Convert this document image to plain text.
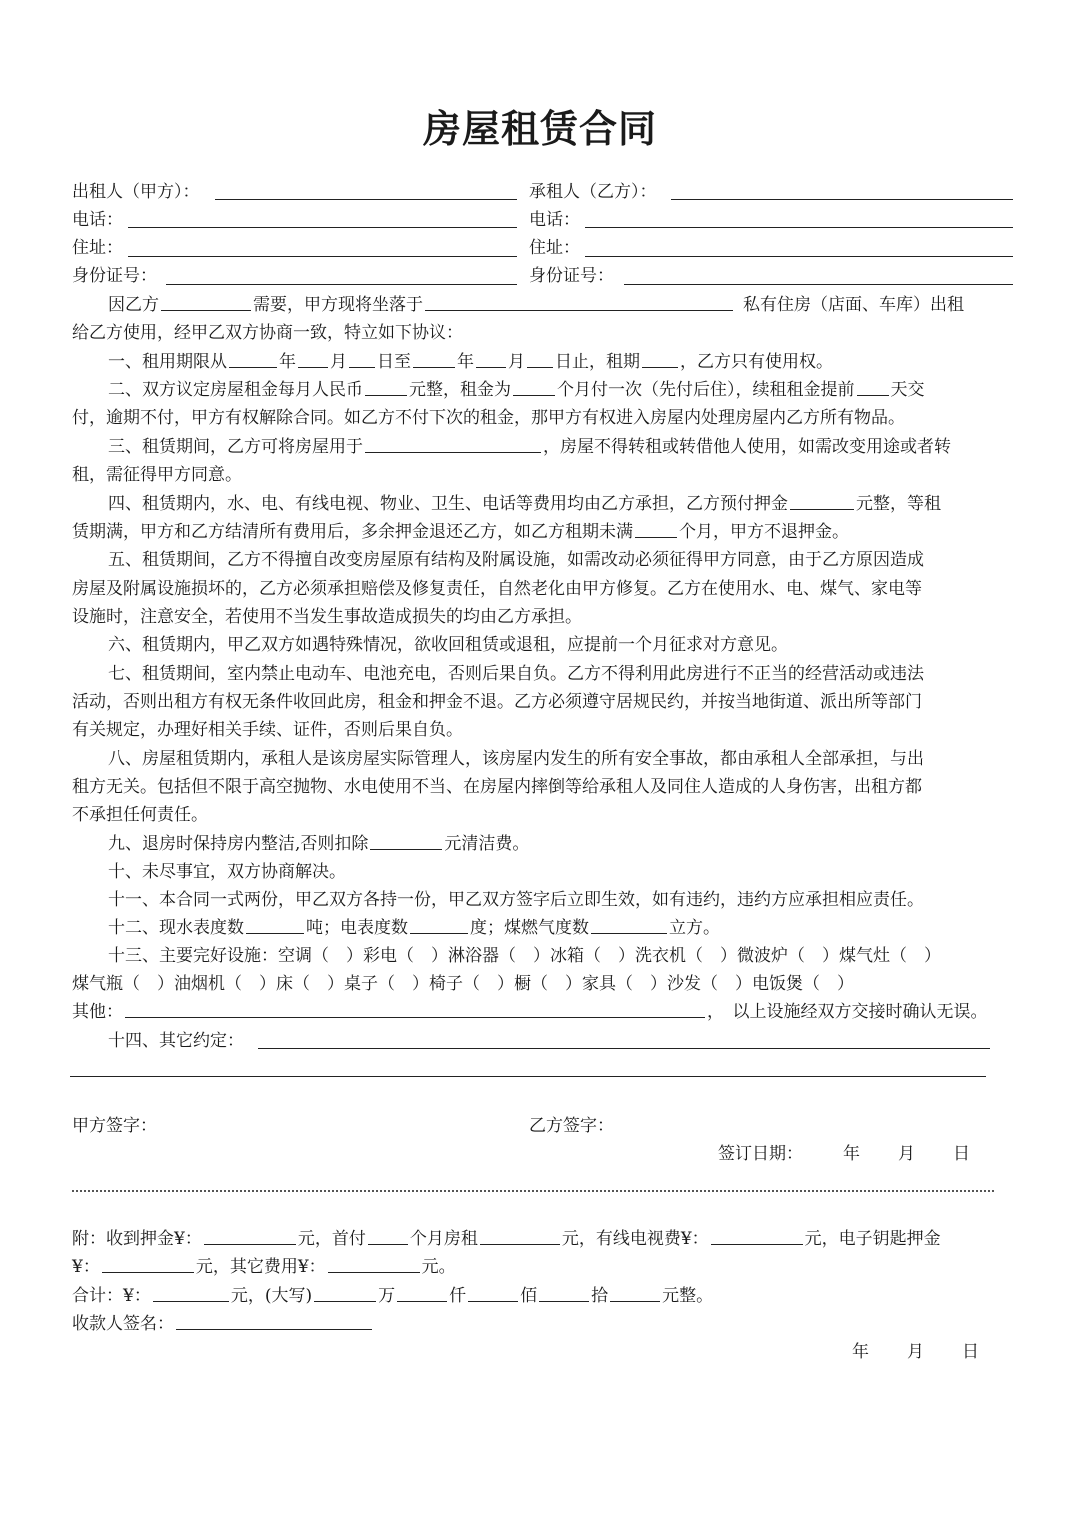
房屋租赁合同
出租人（甲方）：	承租人（乙方）：
电话：	电话：
住址：	住址：
身份证号：	身份证号：
因乙方	需要，甲方现将坐落于	私有住房（店面、车库）出租
给乙方使用，经甲乙双方协商一致，特立如下协议：
一、租用期限从	年 月 日至	年 月 日止，租期 ，乙方只有使用权。
二、双方议定房屋租金每月人民币	元整，租金为	个月付一次（先付后住），续租租金提前 天交
付，逾期不付，甲方有权解除合同。如乙方不付下次的租金，那甲方有权进入房屋内处理房屋内乙方所有物品。
三、租赁期间，乙方可将房屋用于	，房屋不得转租或转借他人使用，如需改变用途或者转
租，需征得甲方同意。
四、租赁期内，水、电、有线电视、物业、卫生、电话等费用均由乙方承担，乙方预付押金	元整，等租
赁期满，甲方和乙方结清所有费用后，多余押金退还乙方，如乙方租期未满	个月，甲方不退押金。
五、租赁期间，乙方不得擅自改变房屋原有结构及附属设施，如需改动必须征得甲方同意，由于乙方原因造成
房屋及附属设施损坏的，乙方必须承担赔偿及修复责任，自然老化由甲方修复。乙方在使用水、电、煤气、家电等
设施时，注意安全，若使用不当发生事故造成损失的均由乙方承担。
六、租赁期内，甲乙双方如遇特殊情况，欲收回租赁或退租，应提前一个月征求对方意见。
七、租赁期间，室内禁止电动车、电池充电，否则后果自负。乙方不得利用此房进行不正当的经营活动或违法
活动，否则出租方有权无条件收回此房，租金和押金不退。乙方必须遵守居规民约，并按当地街道、派出所等部门
有关规定，办理好相关手续、证件，否则后果自负。
八、房屋租赁期内，承租人是该房屋实际管理人，该房屋内发生的所有安全事故，都由承租人全部承担，与出
租方无关。包括但不限于高空抛物、水电使用不当、在房屋内摔倒等给承租人及同住人造成的人身伤害，出租方都
不承担任何责任。
九、退房时保持房内整洁,否则扣除	元清洁费。
十、未尽事宜，双方协商解决。
十一、本合同一式两份，甲乙双方各持一份，甲乙双方签字后立即生效，如有违约，违约方应承担相应责任。
十二、现水表度数	吨；电表度数	度；煤燃气度数	立方。
十三、主要完好设施：空调（　）彩电（　）淋浴器（　）冰箱（　）洗衣机（　）微波炉（　）煤气灶（　）
煤气瓶（　）油烟机（　）床（　）桌子（　）椅子（　）橱（　）家具（　）沙发（　）电饭煲（　）
其他：	，　以上设施经双方交接时确认无误。
十四、其它约定：
甲方签字：	乙方签字：
签订日期： 年 月 日
附：收到押金¥：	元，首付	个月房租	元，有线电视费¥：	元，电子钥匙押金
¥：	元，其它费用¥：	元。
合计：¥：	元，(大写)	万	仟	佰	拾	元整。
收款人签名：
年 月 日
